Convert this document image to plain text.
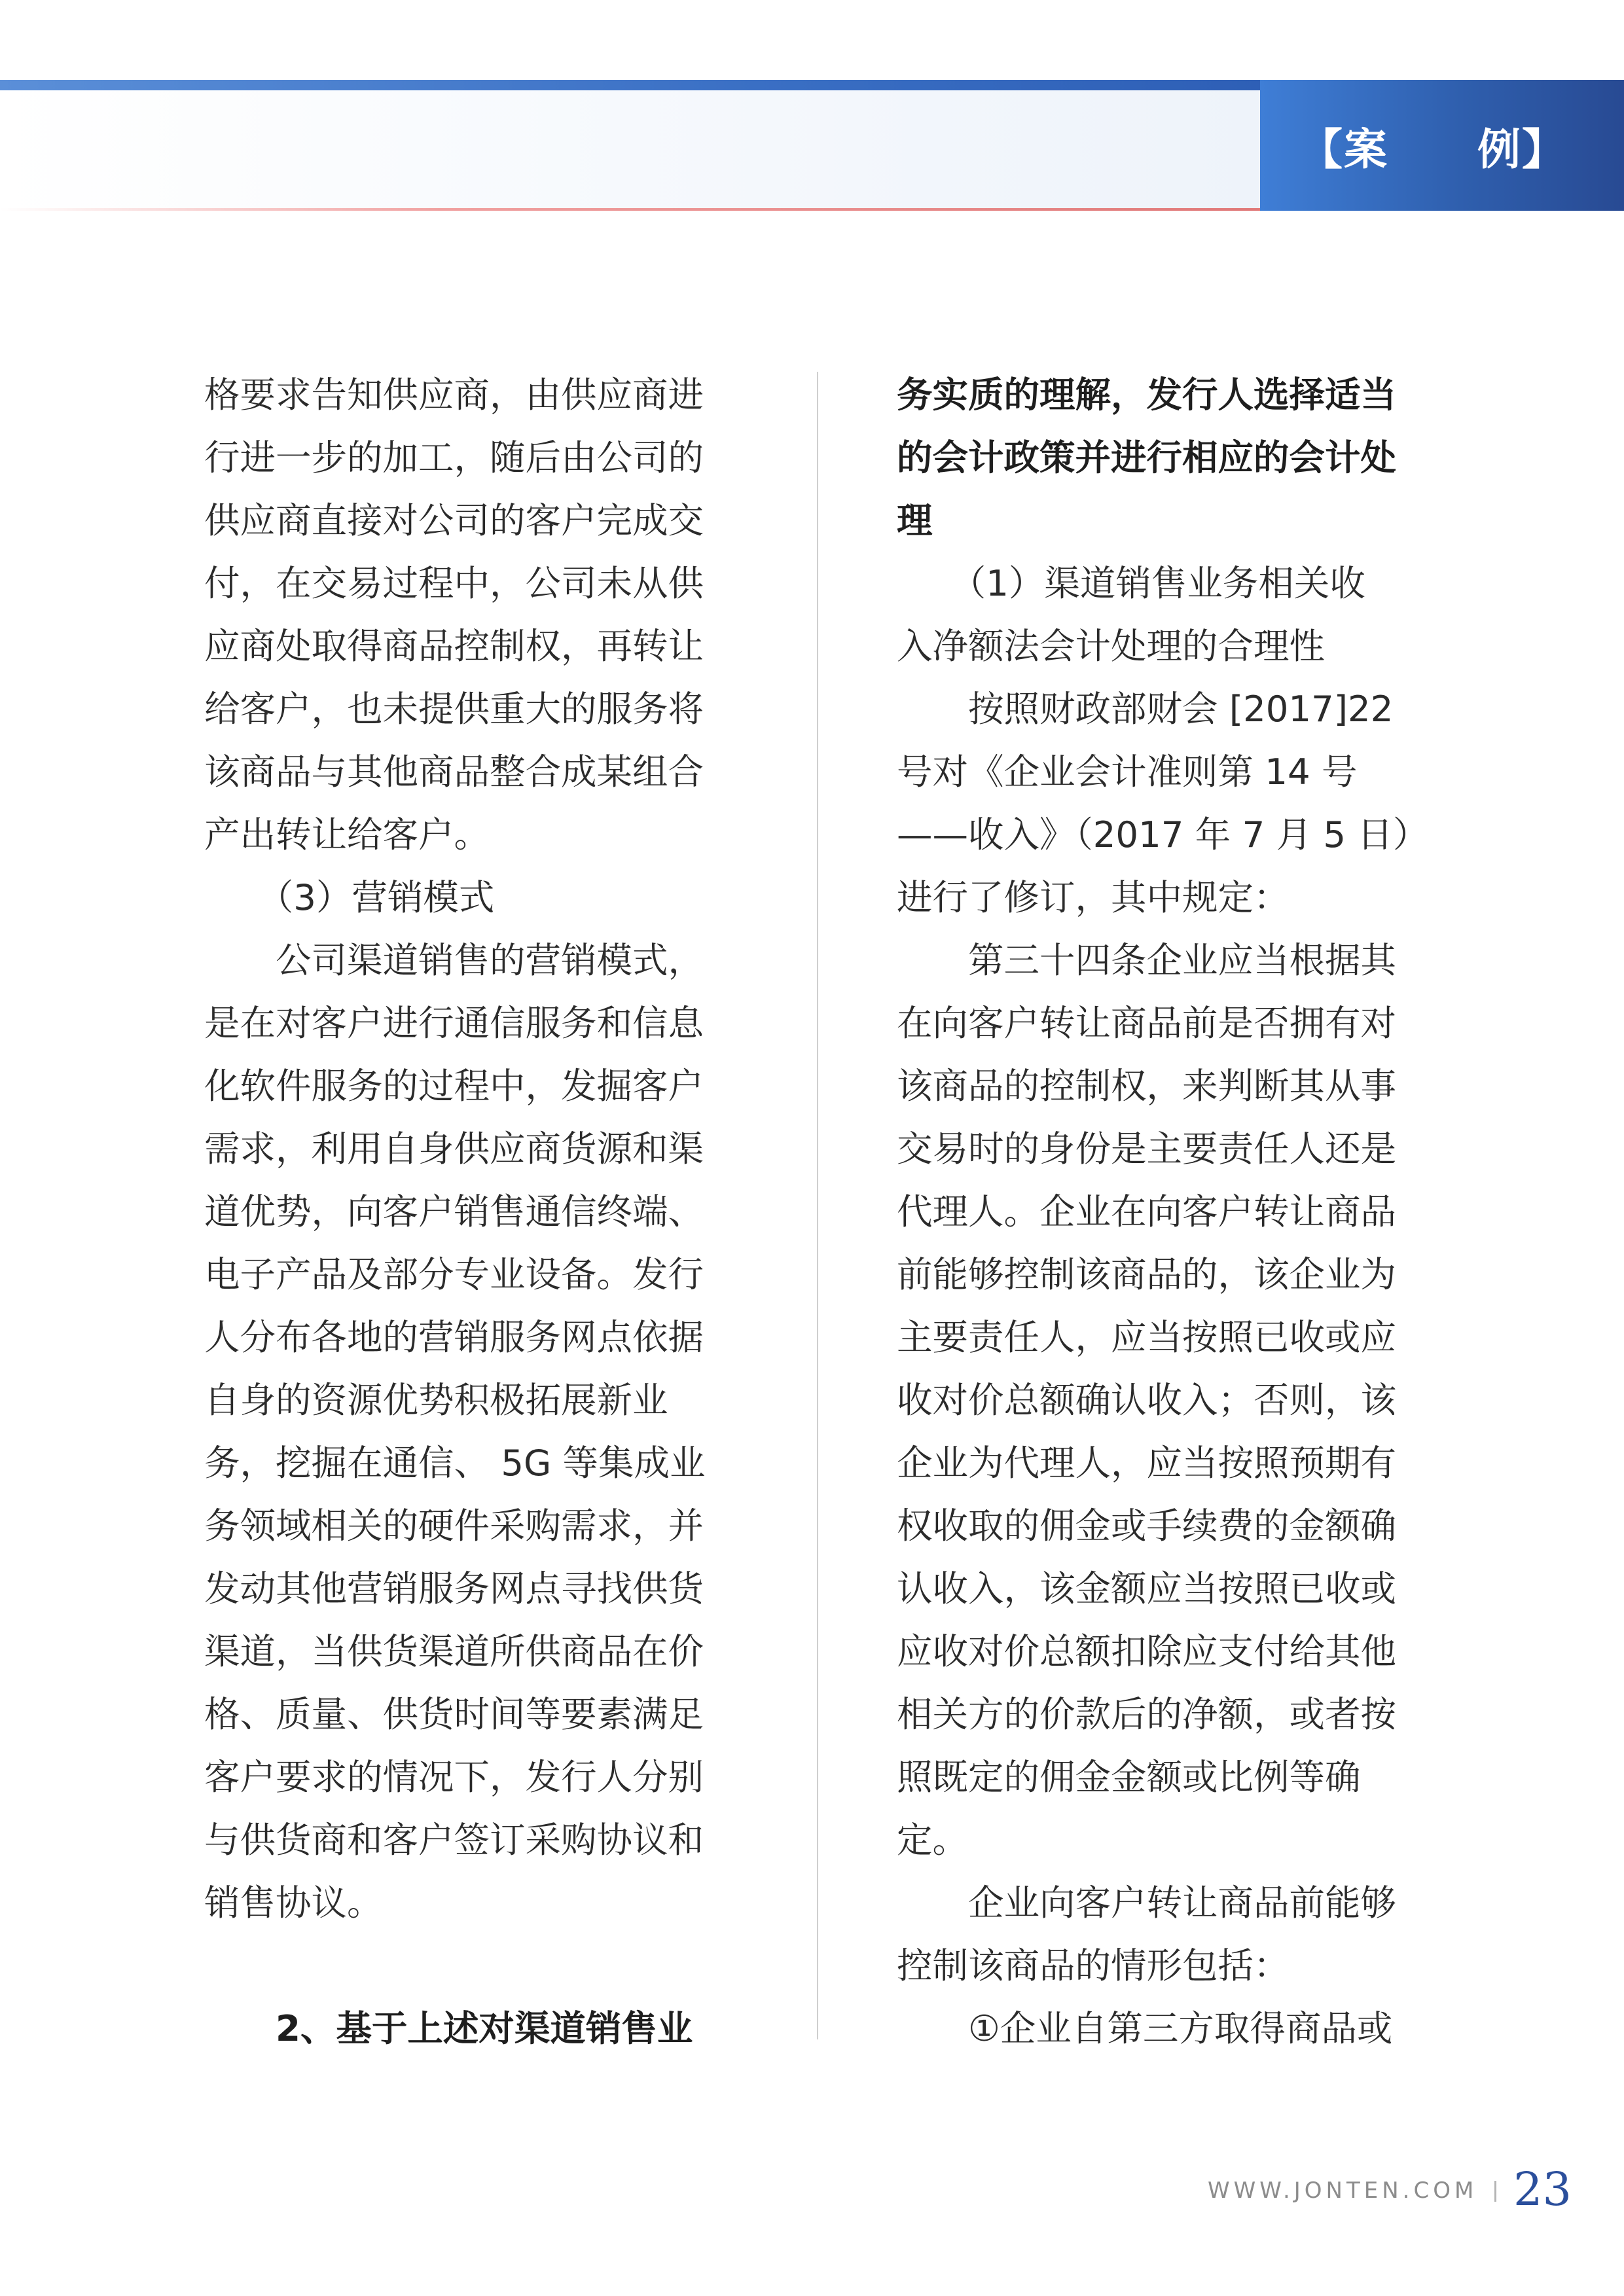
【案　　例】
格要求告知供应商，由供应商进
行进一步的加工，随后由公司的
供应商直接对公司的客户完成交
付，在交易过程中，公司未从供
应商处取得商品控制权，再转让
给客户，也未提供重大的服务将
该商品与其他商品整合成某组合
产出转让给客户。
　　（3）营销模式
　　公司渠道销售的营销模式，
是在对客户进行通信服务和信息
化软件服务的过程中，发掘客户
需求，利用自身供应商货源和渠
道优势，向客户销售通信终端、
电子产品及部分专业设备。发行
人分布各地的营销服务网点依据
自身的资源优势积极拓展新业
务，挖掘在通信、 5G 等集成业
务领域相关的硬件采购需求，并
发动其他营销服务网点寻找供货
渠道，当供货渠道所供商品在价
格、质量、供货时间等要素满足
客户要求的情况下，发行人分别
与供货商和客户签订采购协议和
销售协议。
　　2、基于上述对渠道销售业
务实质的理解，发行人选择适当
的会计政策并进行相应的会计处
理
　　（1）渠道销售业务相关收
入净额法会计处理的合理性
　　按照财政部财会 [2017]22
号对《企业会计准则第 14 号
——收入》（2017 年 7 月 5 日）
进行了修订，其中规定：
　　第三十四条企业应当根据其
在向客户转让商品前是否拥有对
该商品的控制权，来判断其从事
交易时的身份是主要责任人还是
代理人。企业在向客户转让商品
前能够控制该商品的，该企业为
主要责任人，应当按照已收或应
收对价总额确认收入；否则，该
企业为代理人，应当按照预期有
权收取的佣金或手续费的金额确
认收入，该金额应当按照已收或
应收对价总额扣除应支付给其他
相关方的价款后的净额，或者按
照既定的佣金金额或比例等确
定。
　　企业向客户转让商品前能够
控制该商品的情形包括：
　　①企业自第三方取得商品或
WWW.JONTEN.COM 23
